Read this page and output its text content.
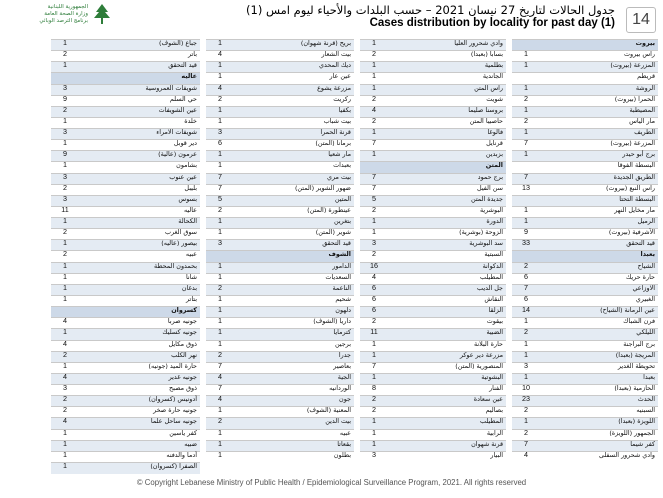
الجمهورية اللبنانية
وزارة الصحة العامة
برنامج الترصد الوبائي
جدول الحالات لتاريخ 27 نيسان 2021 – حسب البلدات والأحياء ليوم امس (1)
Cases distribution by locality for past day (1)	14
بيروت
1	راس بيروت
1	المزرعة (بيروت)
قريطم
1	الروشة
2	الحمرا (بيروت)
1	المصيطبة
2	مار الياس
1	الطريف
7	المزرعة (بيروت)
1	برج أبو حيدر
البسطة الفوقا
7	الطريق الجديدة
13	راس النبع (بيروت)
البسطة التحتا
1	مار مخايل النهر
1	الرميل
9	الأشرفية (بيروت)
33	قيد التحقق
بعبدا
2	الشياح
6	حارة حريك
7	الاوزاعي
6	الغبيري
14	عين الرمانة (الشياح)
1	فرن الشباك
2	الليلكي
1	برج البراجنة
1	المريجة (بعبدا)
3	تحويطة الغدير
1	بعبدا
10	الحازمية (بعبدا)
23	الحدث
2	السبنيه
1	اللويزة (بعبدا)
2	الجمهور (اللويزة)
7	كفر شيما
4	وادي شحرور السفلى
1	وادي شحرور العليا
2	بسابا (بعبدا)
1	بطلمية
1	الجاندية
1	راس المتن
2	شويت
4	بروسنا صليما
2	حاصبيا المتن
1	فالوغا
7	قرنايل
1	بزبدين
المتن
7	برج حمود
7	سن الفيل
5	جديدة المتن
2	البوشرية
1	الدورة
1	الزوحة (بوشرية)
3	سد البوشرية
2	السبتية
16	الدكوانة
4	المطيلب
6	جل الديب
6	النقاش
6	الزلقا
2	بيقوت
11	الضبية
1	حارة البلانة
1	مزرعة دير عوكر
7	المنصورية (المتن)
1	البشوتية
8	الفنار
2	عين سعادة
2	بصاليم
1	المطيلب
1	الرابية
1	قرنة شهوان
3	البيار
1	بريح (قرنة شهوان)
4	بيت الشعار
1	ديك المحدي
1	عين عار
4	مزرعة يشوع
2	ركريت
1	بكفيا
1	بيت شباب
3	قرنة الحمرا
6	برمانا (المتن)
1	مار شعيا
1	بعبدات
7	بيت مري
7	ضهور الشوير (المتن)
5	المتين
2	عينطورة (المتن)
1	بتغرين
1	شوير (المتن)
3	قيد التحقق
الشوف
1	الدامور
1	السعديات
2	الناعمة
1	شحيم
1	دلهون
1	داريا (الشوف)
1	كترمايا
1	برجين
2	جدرا
7	بعاصير
4	الجية
7	الوردانيه
4	جون
1	المعنية (الشوف)
2	بيت الدين
1	عبيه
1	بقعاتا
1	بطلون
1	جباع (الشوف)
2	باتر
1	قيد التحقق
عاليه
3	شويفات العمروسية
9	حي السلم
2	عين الشويفات
1	خلدة
3	شويفات الامراء
1	دير قوبل
9	عرمون (عالية)
1	بشامون
3	عين عنوب
2	بليبل
3	بسوس
11	عاليه
1	الكحالة
2	سوق الغرب
1	بيصور (عاليه)
2	عبيه
1	بحمدون المحطة
1	شانا
1	بدغان
1	بتاتر
كسروان
4	جونيه صربا
1	جونيه كسليك
4	ذوق مكايل
2	نهر الكلب
1	حارة الميد (جونيه)
4	جونيه غدير
3	ذوق مصبح
2	أدونيس (كسروان)
2	جونيه حارة صخر
4	جونيه ساحل علما
1	كفر ياسين
1	ضبيه
1	أدما والدفنه
1	الصفرا (كسروان)
© Copyright Lebanese Ministry of Public Health / Epidemiological Surveillance Program, 2021. All rights reserved
